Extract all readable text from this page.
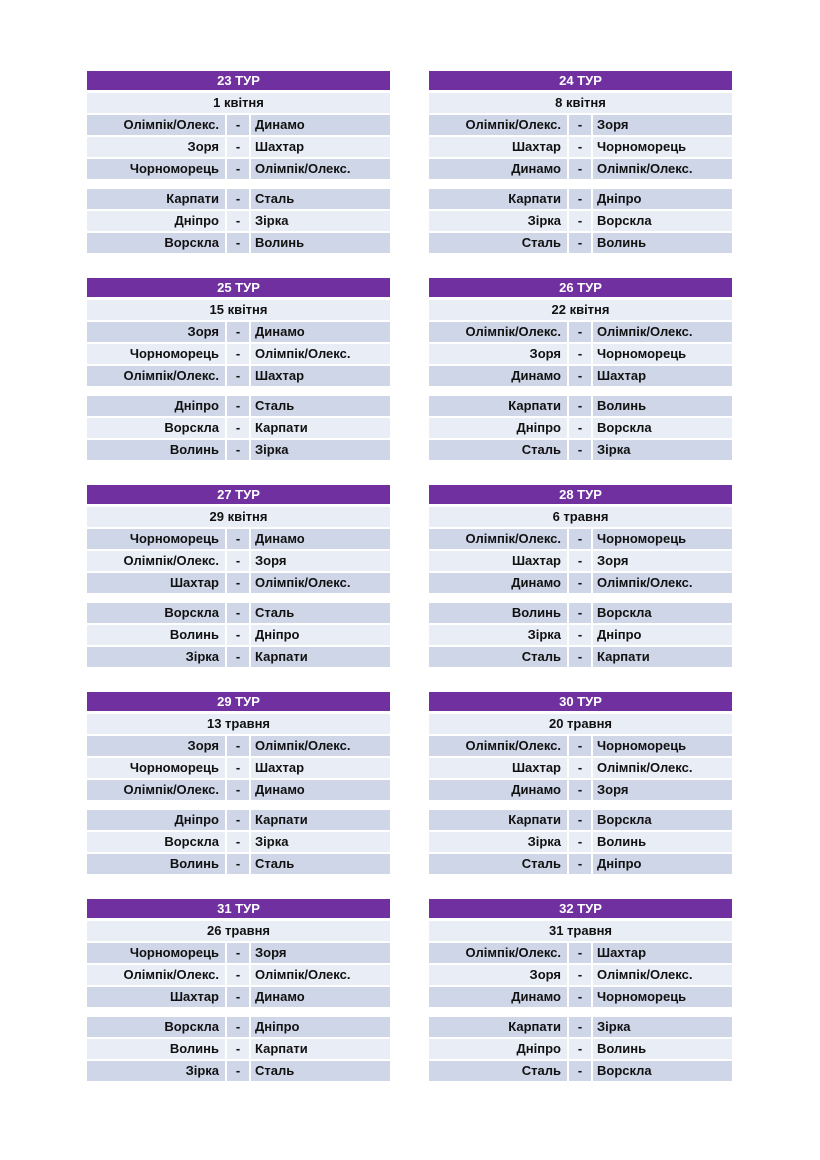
23 ТУР
1 квітня
Олімпік/Олекс.	-	Динамо
Зоря	-	Шахтар
Чорноморець	-	Олімпік/Олекс.
Карпати	-	Сталь
Дніпро	-	Зірка
Ворскла	-	Волинь
24 ТУР
8 квітня
Олімпік/Олекс.	-	Зоря
Шахтар	-	Чорноморець
Динамо	-	Олімпік/Олекс.
Карпати	-	Дніпро
Зірка	-	Ворскла
Сталь	-	Волинь
25 ТУР
15 квітня
Зоря	-	Динамо
Чорноморець	-	Олімпік/Олекс.
Олімпік/Олекс.	-	Шахтар
Дніпро	-	Сталь
Ворскла	-	Карпати
Волинь	-	Зірка
26 ТУР
22 квітня
Олімпік/Олекс.	-	Олімпік/Олекс.
Зоря	-	Чорноморець
Динамо	-	Шахтар
Карпати	-	Волинь
Дніпро	-	Ворскла
Сталь	-	Зірка
27 ТУР
29 квітня
Чорноморець	-	Динамо
Олімпік/Олекс.	-	Зоря
Шахтар	-	Олімпік/Олекс.
Ворскла	-	Сталь
Волинь	-	Дніпро
Зірка	-	Карпати
28 ТУР
6 травня
Олімпік/Олекс.	-	Чорноморець
Шахтар	-	Зоря
Динамо	-	Олімпік/Олекс.
Волинь	-	Ворскла
Зірка	-	Дніпро
Сталь	-	Карпати
29 ТУР
13 травня
Зоря	-	Олімпік/Олекс.
Чорноморець	-	Шахтар
Олімпік/Олекс.	-	Динамо
Дніпро	-	Карпати
Ворскла	-	Зірка
Волинь	-	Сталь
30 ТУР
20 травня
Олімпік/Олекс.	-	Чорноморець
Шахтар	-	Олімпік/Олекс.
Динамо	-	Зоря
Карпати	-	Ворскла
Зірка	-	Волинь
Сталь	-	Дніпро
31 ТУР
26 травня
Чорноморець	-	Зоря
Олімпік/Олекс.	-	Олімпік/Олекс.
Шахтар	-	Динамо
Ворскла	-	Дніпро
Волинь	-	Карпати
Зірка	-	Сталь
32 ТУР
31 травня
Олімпік/Олекс.	-	Шахтар
Зоря	-	Олімпік/Олекс.
Динамо	-	Чорноморець
Карпати	-	Зірка
Дніпро	-	Волинь
Сталь	-	Ворскла
